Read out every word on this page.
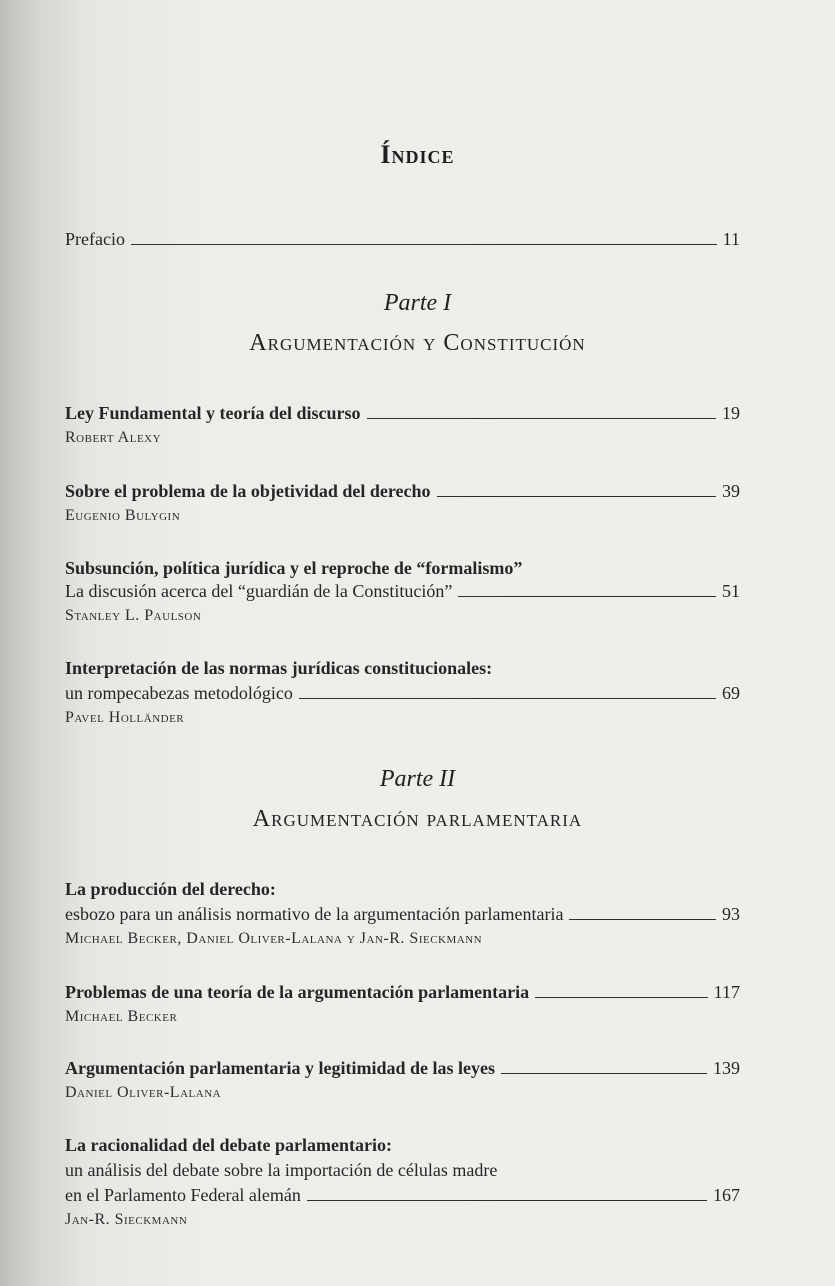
Índice
Prefacio	11
Parte I
Argumentación y Constitución
Ley Fundamental y teoría del discurso	19
Robert Alexy
Sobre el problema de la objetividad del derecho	39
Eugenio Bulygin
Subsunción, política jurídica y el reproche de “formalismo”
La discusión acerca del “guardián de la Constitución”	51
Stanley L. Paulson
Interpretación de las normas jurídicas constitucionales:
un rompecabezas metodológico	69
Pavel Holländer
Parte II
Argumentación parlamentaria
La producción del derecho:
esbozo para un análisis normativo de la argumentación parlamentaria	93
Michael Becker, Daniel Oliver-Lalana y Jan-R. Sieckmann
Problemas de una teoría de la argumentación parlamentaria	117
Michael Becker
Argumentación parlamentaria y legitimidad de las leyes	139
Daniel Oliver-Lalana
La racionalidad del debate parlamentario:
un análisis del debate sobre la importación de células madre
en el Parlamento Federal alemán	167
Jan-R. Sieckmann
